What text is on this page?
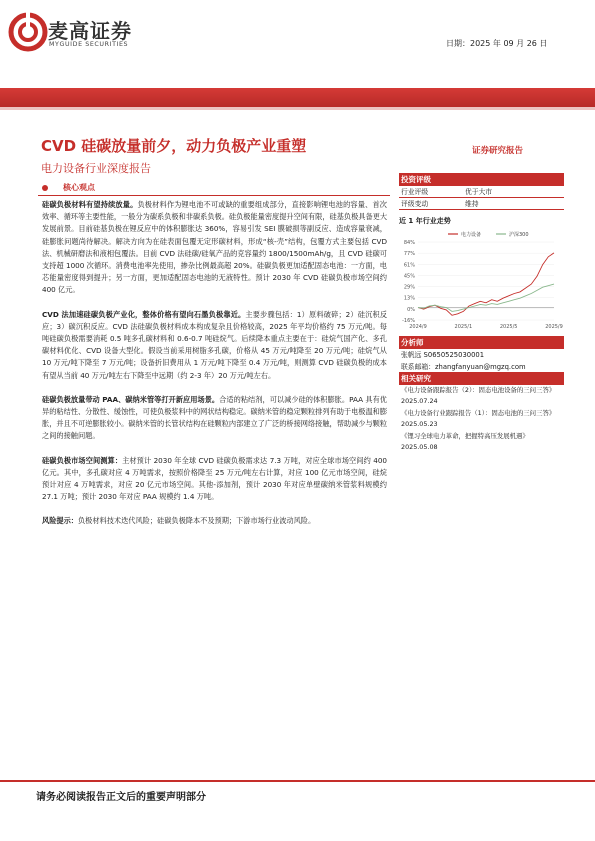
麦高证券
MYGUIDE SECURITIES	日期：2025 年 09 月 26 日
CVD 硅碳放量前夕，动力负极产业重塑
电力设备行业深度报告
证券研究报告
核心观点

硅碳负极材料有望持续放量。负极材料作为锂电池不可或缺的重要组成部分，直接影响锂电池的容量、首次效率、循环等主要性能，一般分为碳系负极和非碳系负极。硅负极能量密度提升空间有限，硅基负极具备更大发展前景。目前硅基负极在锂反应中的体积膨胀达 360%，容易引发 SEI 膜破损等副反应、造成容量衰减，硅膨胀问题尚待解决。解决方向为在硅表面包覆无定形碳材料，形成“核-壳”结构，包覆方式主要包括 CVD 法、机械研磨法和液相包覆法。目前 CVD 法硅碳/硅氧产品的克容量约 1800/1500mAh/g，且 CVD 硅碳可支持超 1000 次循环。消费电池率先使用，掺杂比例最高超 20%。硅碳负极更加适配固态电池：一方面，电芯能量密度得到提升；另一方面，更加适配固态电池的无液特性。预计 2030 年 CVD 硅碳负极市场空间约 400 亿元。

CVD 法加速硅碳负极产业化，整体价格有望向石墨负极靠近。主要步骤包括：1）原料破碎；2）硅沉积反应；3）碳沉积反应。CVD 法硅碳负极材料成本构成复杂且价格较高，2025 年平均价格约 75 万元/吨。每吨硅碳负极需要消耗 0.5 吨多孔碳材料和 0.6-0.7 吨硅烷气。后续降本重点主要在于：硅烷气国产化、多孔碳材料优化、CVD 设备大型化。假设当前采用树脂多孔碳，价格从 45 万元/吨降至 20 万元/吨；硅烷气从 10 万元/吨下降至 7 万元/吨；设备折旧费用从 1 万元/吨下降至 0.4 万元/吨，则测算 CVD 硅碳负极的成本有望从当前 40 万元/吨左右下降至中远期（约 2-3 年）20 万元/吨左右。

硅碳负极放量带动 PAA、碳纳米管等打开新应用场景。合适的粘结剂，可以减少硅的体积膨胀。PAA 具有优异的粘结性、分散性、缓蚀性，可使负极浆料中的网状结构稳定。碳纳米管的稳定颗粒排列有助于电极温和膨胀，并且不可逆膨胀较小。碳纳米管的长管状结构在硅颗粒内部建立了广泛的桥接网络接触，帮助减少与颗粒之间的接触问题。

硅碳负极市场空间测算：主材预计 2030 年全球 CVD 硅碳负极需求达 7.3 万吨，对应全球市场空间约 400 亿元。其中，多孔碳对应 4 万吨需求，按照价格降至 25 万元/吨左右计算，对应 100 亿元市场空间，硅烷预计对应 4 万吨需求，对应 20 亿元市场空间。其他-添加剂，预计 2030 年对应单壁碳纳米管浆料规模约 27.1 万吨；预计 2030 年对应 PAA 规模约 1.4 万吨。

风险提示：负极材料技术迭代风险；硅碳负极降本不及预期；下游市场行业波动风险。

投资评级
行业评级	优于大市
评级变动	维持
近 1 年行业走势
-16%
0%
13%
29%
45%
61%
77%
84%
2024/9	2025/1	2025/5	2025/9
电力设备	沪深300
分析师
张帆远 S0650525030001
联系邮箱：zhangfanyuan@mgzq.com
相关研究
《电力设备跟踪报告（2）：固态电池设备的三问三答》
2025.07.24
《电力设备行业跟踪报告（1）：固态电池的三问三答》
2025.05.23
《锂习全球电力革命，把握特高压发展机遇》
2025.05.08
请务必阅读报告正文后的重要声明部分
